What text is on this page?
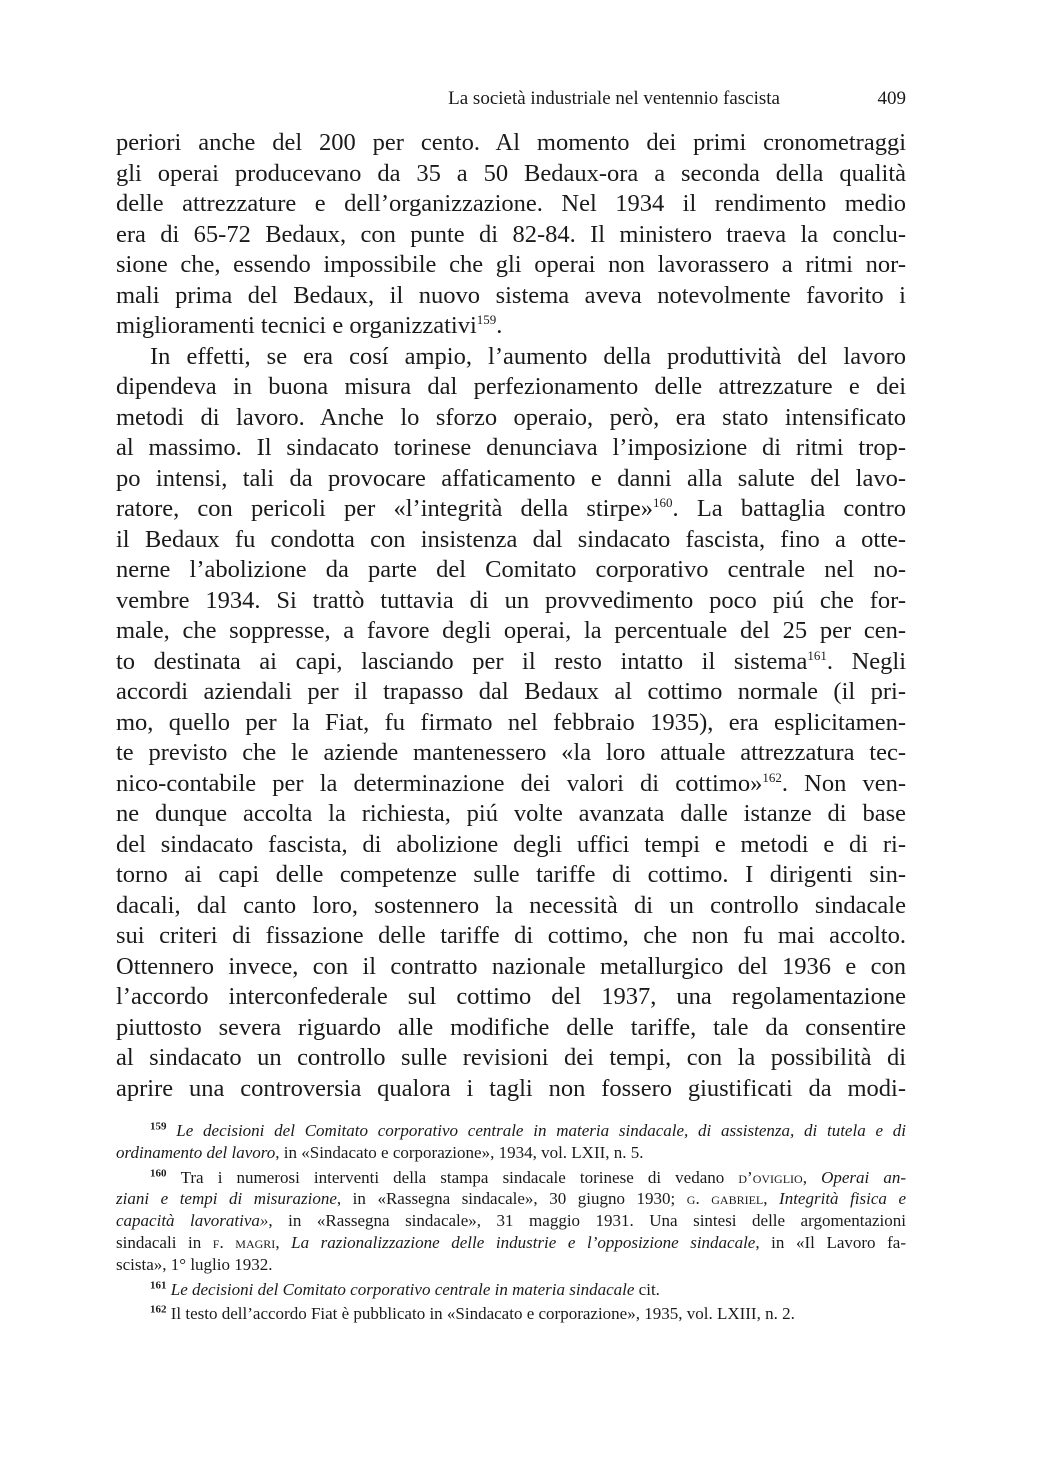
La società industriale nel ventennio fascista	409
periori anche del 200 per cento. Al momento dei primi cronometraggi
gli operai producevano da 35 a 50 Bedaux-ora a seconda della qualità
delle attrezzature e dell’organizzazione. Nel 1934 il rendimento medio
era di 65-72 Bedaux, con punte di 82-84. Il ministero traeva la conclu-
sione che, essendo impossibile che gli operai non lavorassero a ritmi nor-
mali prima del Bedaux, il nuovo sistema aveva notevolmente favorito i
miglioramenti tecnici e organizzativi$^{159}$.
In effetti, se era cosí ampio, l’aumento della produttività del lavoro
dipendeva in buona misura dal perfezionamento delle attrezzature e dei
metodi di lavoro. Anche lo sforzo operaio, però, era stato intensificato
al massimo. Il sindacato torinese denunciava l’imposizione di ritmi trop-
po intensi, tali da provocare affaticamento e danni alla salute del lavo-
ratore, con pericoli per «l’integrità della stirpe»$^{160}$. La battaglia contro
il Bedaux fu condotta con insistenza dal sindacato fascista, fino a otte-
nerne l’abolizione da parte del Comitato corporativo centrale nel no-
vembre 1934. Si trattò tuttavia di un provvedimento poco piú che for-
male, che soppresse, a favore degli operai, la percentuale del 25 per cen-
to destinata ai capi, lasciando per il resto intatto il sistema$^{161}$. Negli
accordi aziendali per il trapasso dal Bedaux al cottimo normale (il pri-
mo, quello per la Fiat, fu firmato nel febbraio 1935), era esplicitamen-
te previsto che le aziende mantenessero «la loro attuale attrezzatura tec-
nico-contabile per la determinazione dei valori di cottimo»$^{162}$. Non ven-
ne dunque accolta la richiesta, piú volte avanzata dalle istanze di base
del sindacato fascista, di abolizione degli uffici tempi e metodi e di ri-
torno ai capi delle competenze sulle tariffe di cottimo. I dirigenti sin-
dacali, dal canto loro, sostennero la necessità di un controllo sindacale
sui criteri di fissazione delle tariffe di cottimo, che non fu mai accolto.
Ottennero invece, con il contratto nazionale metallurgico del 1936 e con
l’accordo interconfederale sul cottimo del 1937, una regolamentazione
piuttosto severa riguardo alle modifiche delle tariffe, tale da consentire
al sindacato un controllo sulle revisioni dei tempi, con la possibilità di
aprire una controversia qualora i tagli non fossero giustificati da modi-
$^{159}$ Le decisioni del Comitato corporativo centrale in materia sindacale, di assistenza, di tutela e di
ordinamento del lavoro, in «Sindacato e corporazione», 1934, vol. LXII, n. 5.
$^{160}$ Tra i numerosi interventi della stampa sindacale torinese di vedano d’oviglio, Operai an-
ziani e tempi di misurazione, in «Rassegna sindacale», 30 giugno 1930; g. gabriel, Integrità fisica e
capacità lavorativa», in «Rassegna sindacale», 31 maggio 1931. Una sintesi delle argomentazioni
sindacali in f. magri, La razionalizzazione delle industrie e l’opposizione sindacale, in «Il Lavoro fa-
scista», 1° luglio 1932.
$^{161}$ Le decisioni del Comitato corporativo centrale in materia sindacale cit.
$^{162}$ Il testo dell’accordo Fiat è pubblicato in «Sindacato e corporazione», 1935, vol. LXIII, n. 2.
